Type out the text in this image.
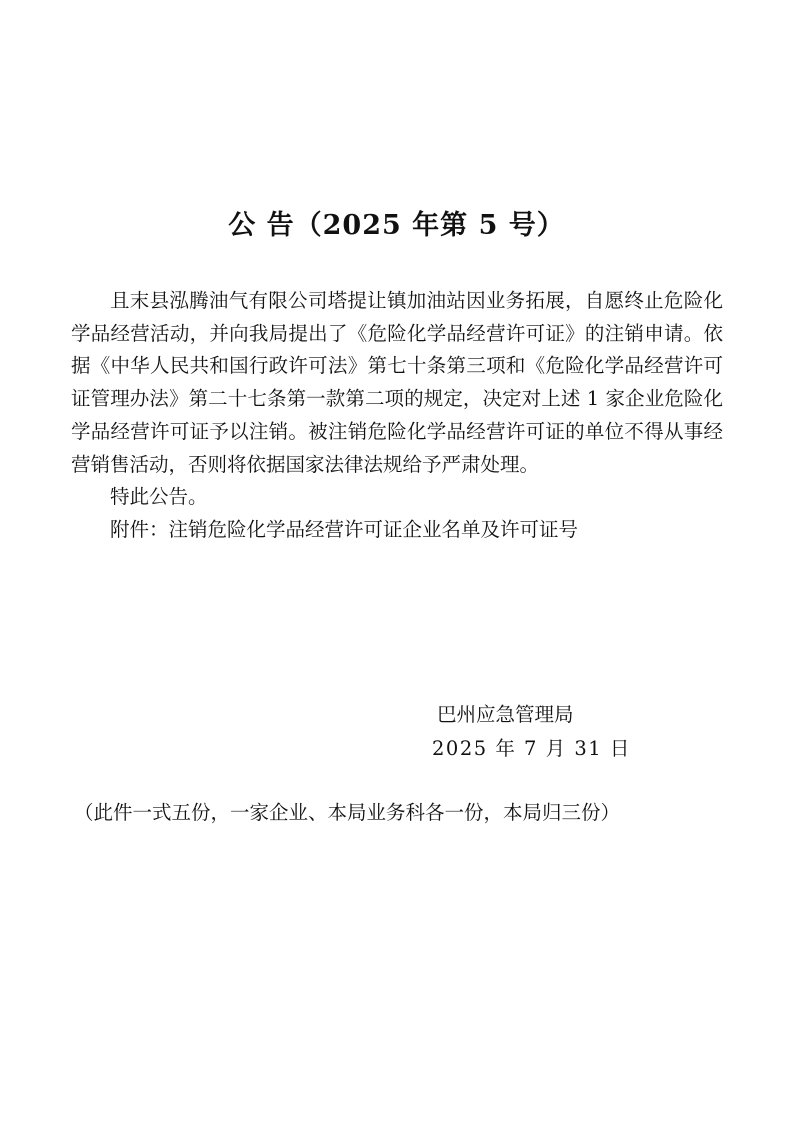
公 告（2025 年第 5 号）

且末县泓腾油气有限公司塔提让镇加油站因业务拓展，自愿终止危险化学品经营活动，并向我局提出了《危险化学品经营许可证》的注销申请。依据《中华人民共和国行政许可法》第七十条第三项和《危险化学品经营许可证管理办法》第二十七条第一款第二项的规定，决定对上述 1 家企业危险化学品经营许可证予以注销。被注销危险化学品经营许可证的单位不得从事经营销售活动，否则将依据国家法律法规给予严肃处理。

特此公告。

附件：注销危险化学品经营许可证企业名单及许可证号

巴州应急管理局
2025 年 7 月 31 日
（此件一式五份，一家企业、本局业务科各一份，本局归三份）
